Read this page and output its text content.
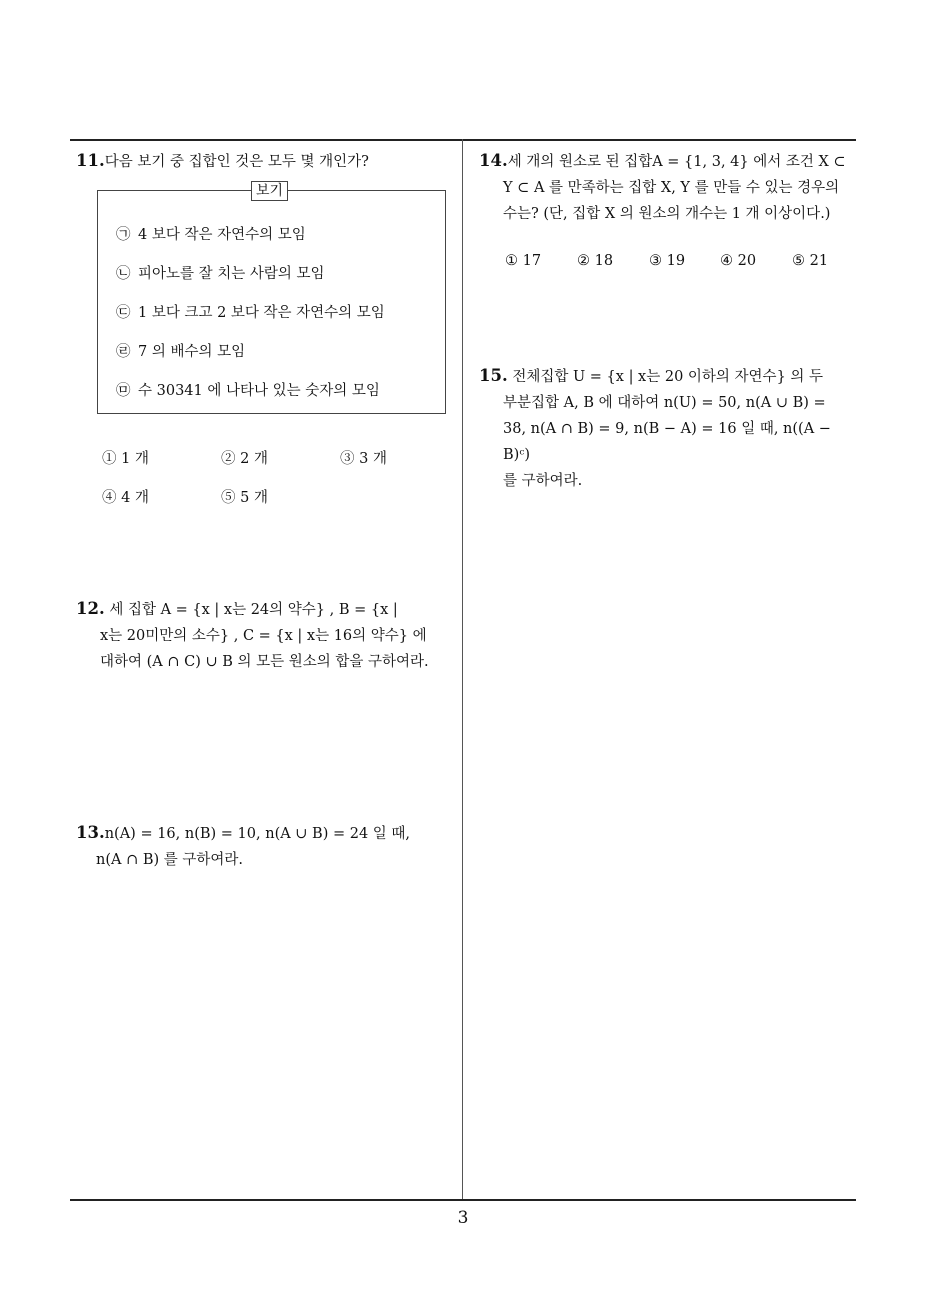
11.다음 보기 중 집합인 것은 모두 몇 개인가?
보기
㉠ 4 보다 작은 자연수의 모임
㉡ 피아노를 잘 치는 사람의 모임
㉢ 1 보다 크고 2 보다 작은 자연수의 모임
㉣ 7 의 배수의 모임
㉤ 수 30341 에 나타나 있는 숫자의 모임
① 1 개	② 2 개	③ 3 개
④ 4 개	⑤ 5 개
12. 세 집합 A = {x | x는 24의 약수} , B = {x |
x는 20미만의 소수} , C = {x | x는 16의 약수} 에
대하여 (A ∩ C) ∪ B 의 모든 원소의 합을 구하여라.
13.n(A) = 16, n(B) = 10, n(A ∪ B) = 24 일 때,
n(A ∩ B) 를 구하여라.
14.세 개의 원소로 된 집합A = {1, 3, 4} 에서 조건 X ⊂
Y ⊂ A 를 만족하는 집합 X, Y 를 만들 수 있는 경우의
수는? (단, 집합 X 의 원소의 개수는 1 개 이상이다.)
① 17 ② 18 ③ 19 ④ 20 ⑤ 21
15. 전체집합 U = {x | x는 20 이하의 자연수} 의 두
부분집합 A, B 에 대하여 n(U) = 50, n(A ∪ B) =
38, n(A ∩ B) = 9, n(B − A) = 16 일 때, n((A − B)ᶜ)
를 구하여라.
3
